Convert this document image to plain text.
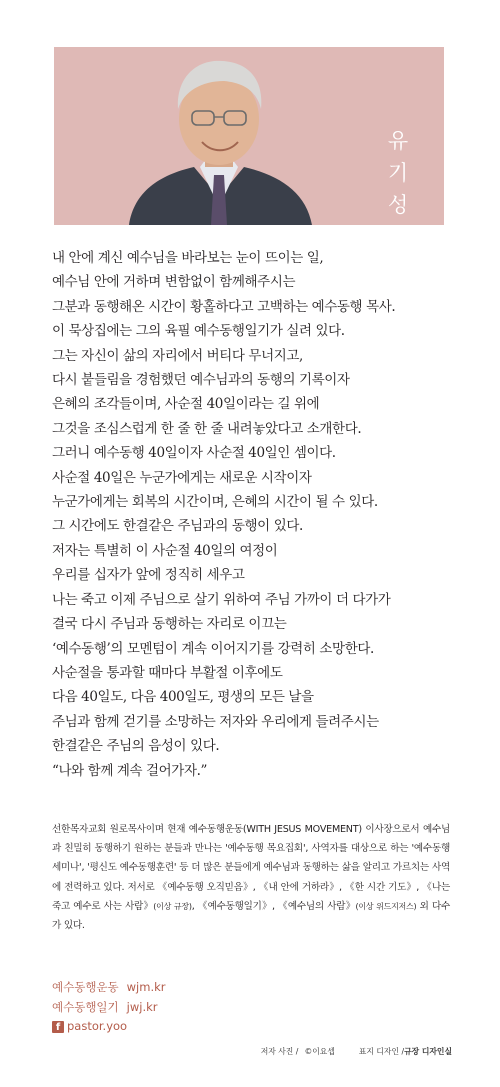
유
기
성

내 안에 계신 예수님을 바라보는 눈이 뜨이는 일,

예수님 안에 거하며 변함없이 함께해주시는

그분과 동행해온 시간이 황홀하다고 고백하는 예수동행 목사.

이 묵상집에는 그의 육필 예수동행일기가 실려 있다.

그는 자신이 삶의 자리에서 버티다 무너지고,

다시 붙들림을 경험했던 예수님과의 동행의 기록이자

은혜의 조각들이며, 사순절 40일이라는 길 위에

그것을 조심스럽게 한 줄 한 줄 내려놓았다고 소개한다.

그러니 예수동행 40일이자 사순절 40일인 셈이다.

사순절 40일은 누군가에게는 새로운 시작이자

누군가에게는 회복의 시간이며, 은혜의 시간이 될 수 있다.

그 시간에도 한결같은 주님과의 동행이 있다.

저자는 특별히 이 사순절 40일의 여정이

우리를 십자가 앞에 정직히 세우고

나는 죽고 이제 주님으로 살기 위하여 주님 가까이 더 다가가

결국 다시 주님과 동행하는 자리로 이끄는

‘예수동행’의 모멘텀이 계속 이어지기를 강력히 소망한다.

사순절을 통과할 때마다 부활절 이후에도

다음 40일도, 다음 400일도, 평생의 모든 날을

주님과 함께 걷기를 소망하는 저자와 우리에게 들려주시는

한결같은 주님의 음성이 있다.

“나와 함께 계속 걸어가자.”

선한목자교회 원로목사이며 현재 예수동행운동(WITH JESUS MOVEMENT) 이사장으로서 예수님과 친밀히 동행하기 원하는 분들과 만나는 '예수동행 목요집회', 사역자를 대상으로 하는 '예수동행 세미나', '평신도 예수동행훈련' 등 더 많은 분들에게 예수님과 동행하는 삶을 알리고 가르치는 사역에 전력하고 있다. 저서로 《예수동행 오직믿음》, 《내 안에 거하라》, 《한 시간 기도》, 《나는 죽고 예수로 사는 사람》(이상 규장), 《예수동행일기》, 《예수님의 사람》(이상 위드지저스) 외 다수가 있다.
예수동행운동 wjm.kr
예수동행일기 jwj.kr
f pastor.yoo
저자 사진 / ©이요셉	표지 디자인 /규장 디자인실
